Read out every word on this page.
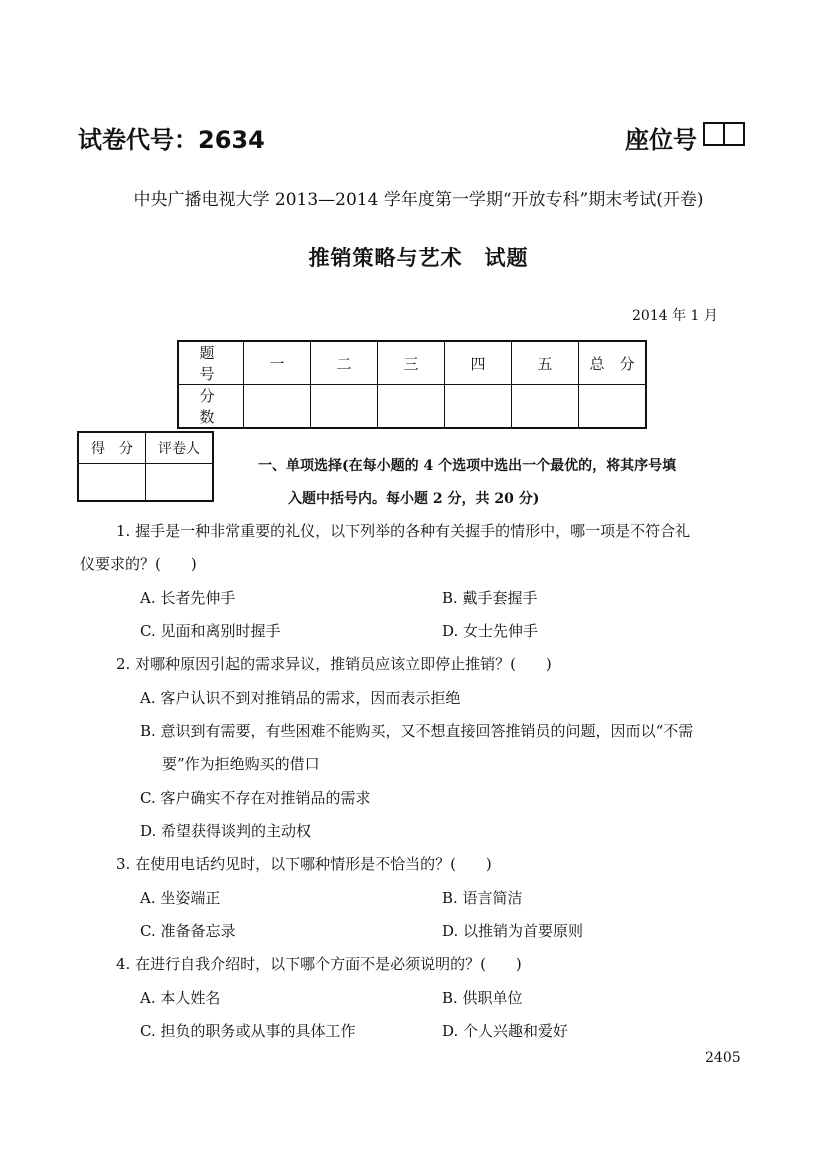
试卷代号：2634	座位号
中央广播电视大学 2013—2014 学年度第一学期“开放专科”期末考试(开卷)
推销策略与艺术　试题
2014 年 1 月
题　号	一	二	三	四	五	总　分
分　数						
得　分	评卷人

一、单项选择(在每小题的 4 个选项中选出一个最优的，将其序号填
入题中括号内。每小题 2 分，共 20 分)
1. 握手是一种非常重要的礼仪，以下列举的各种有关握手的情形中，哪一项是不符合礼
仪要求的？(　　)
A. 长者先伸手	B. 戴手套握手
C. 见面和离别时握手	D. 女士先伸手
2. 对哪种原因引起的需求异议，推销员应该立即停止推销？(　　)
A. 客户认识不到对推销品的需求，因而表示拒绝
B. 意识到有需要，有些困难不能购买，又不想直接回答推销员的问题，因而以“不需
要”作为拒绝购买的借口
C. 客户确实不存在对推销品的需求
D. 希望获得谈判的主动权
3. 在使用电话约见时，以下哪种情形是不恰当的？(　　)
A. 坐姿端正	B. 语言简洁
C. 准备备忘录	D. 以推销为首要原则
4. 在进行自我介绍时，以下哪个方面不是必须说明的？(　　)
A. 本人姓名	B. 供职单位
C. 担负的职务或从事的具体工作	D. 个人兴趣和爱好
2405
